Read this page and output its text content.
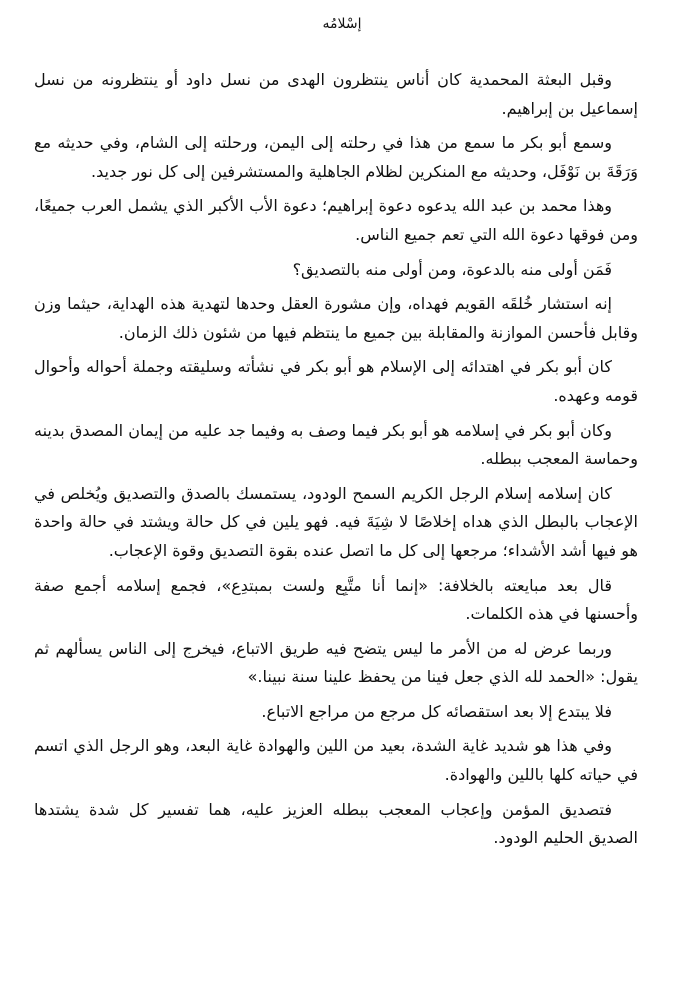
إسْلامُه

وقبل البعثة المحمدية كان أناس ينتظرون الهدى من نسل داود أو ينتظرونه من نسل إسماعيل بن إبراهيم.

وسمع أبو بكر ما سمع من هذا في رحلته إلى اليمن، ورحلته إلى الشام، وفي حديثه مع وَرَقَةَ بن نَوْفَل، وحديثه مع المنكرين لظلام الجاهلية والمستشرفين إلى كل نور جديد.

وهذا محمد بن عبد الله يدعوه دعوة إبراهيم؛ دعوة الأب الأكبر الذي يشمل العرب جميعًا، ومن فوقها دعوة الله التي تعم جميع الناس.

فَمَن أولى منه بالدعوة، ومن أولى منه بالتصديق؟

إنه استشار خُلقَه القويم فهداه، وإن مشورة العقل وحدها لتهدية هذه الهداية، حيثما وزن وقابل فأحسن الموازنة والمقابلة بين جميع ما ينتظم فيها من شئون ذلك الزمان.

كان أبو بكر في اهتدائه إلى الإسلام هو أبو بكر في نشأته وسليقته وجملة أحواله وأحوال قومه وعهده.

وكان أبو بكر في إسلامه هو أبو بكر فيما وصف به وفيما جد عليه من إيمان المصدق بدينه وحماسة المعجب ببطله.

كان إسلامه إسلام الرجل الكريم السمح الودود، يستمسك بالصدق والتصديق ويُخلص في الإعجاب بالبطل الذي هداه إخلاصًا لا شِيَةَ فيه. فهو يلين في كل حالة ويشتد في حالة واحدة هو فيها أشد الأشداء؛ مرجعها إلى كل ما اتصل عنده بقوة التصديق وقوة الإعجاب.

قال بعد مبايعته بالخلافة: «إنما أنا متَّبِع ولست بمبتدِع»، فجمع إسلامه أجمع صفة وأحسنها في هذه الكلمات.

وربما عرض له من الأمر ما ليس يتضح فيه طريق الاتباع، فيخرج إلى الناس يسألهم ثم يقول: «الحمد لله الذي جعل فينا من يحفظ علينا سنة نبينا.»

فلا يبتدع إلا بعد استقصائه كل مرجع من مراجع الاتباع.

وفي هذا هو شديد غاية الشدة، بعيد من اللين والهوادة غاية البعد، وهو الرجل الذي اتسم في حياته كلها باللين والهوادة.

فتصديق المؤمن وإعجاب المعجب ببطله العزيز عليه، هما تفسير كل شدة يشتدها الصديق الحليم الودود.
